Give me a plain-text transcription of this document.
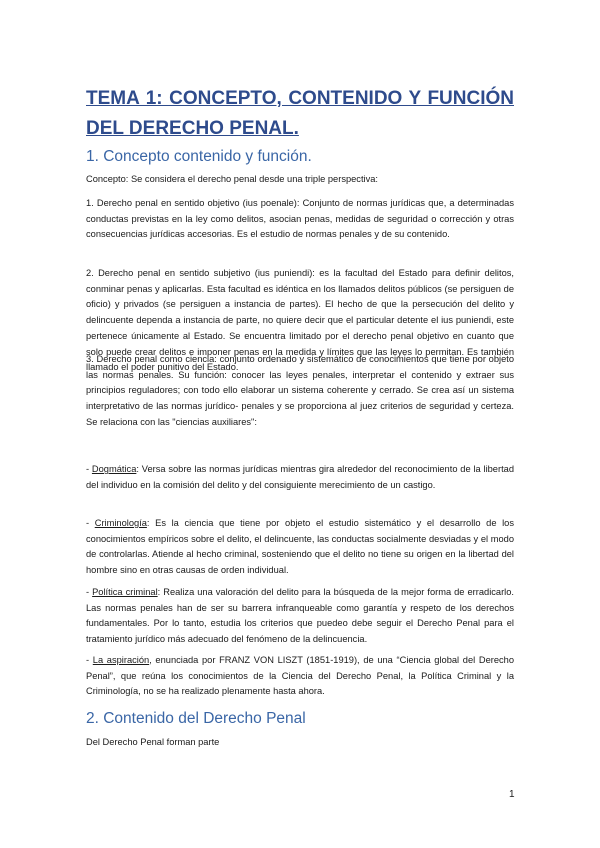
TEMA 1: CONCEPTO, CONTENIDO Y FUNCIÓN DEL DERECHO PENAL.
1. Concepto contenido y función.

Concepto: Se considera el derecho penal desde una triple perspectiva:

1. Derecho penal en sentido objetivo (ius poenale): Conjunto de normas jurídicas que, a determinadas conductas previstas en la ley como delitos, asocian penas, medidas de seguridad o corrección y otras consecuencias jurídicas accesorias. Es el estudio de normas penales y de su contenido.

2. Derecho penal en sentido subjetivo (ius puniendi): es la facultad del Estado para definir delitos, conminar penas y aplicarlas. Esta facultad es idéntica en los llamados delitos públicos (se persiguen de oficio) y privados (se persiguen a instancia de partes). El hecho de que la persecución del delito y delincuente dependa a instancia de parte, no quiere decir que el particular detente el ius puniendi, este pertenece únicamente al Estado. Se encuentra limitado por el derecho penal objetivo en cuanto que solo puede crear delitos e imponer penas en la medida y límites que las leyes lo permitan. Es también llamado el poder punitivo del Estado.

3. Derecho penal como ciencia: conjunto ordenado y sistemático de conocimientos que tiene por objeto las normas penales. Su función: conocer las leyes penales, interpretar el contenido y extraer sus principios reguladores; con todo ello elaborar un sistema coherente y cerrado. Se crea así un sistema interpretativo de las normas jurídico- penales y se proporciona al juez criterios de seguridad y certeza. Se relaciona con las "ciencias auxiliares":

- Dogmática: Versa sobre las normas jurídicas mientras gira alrededor del reconocimiento de la libertad del individuo en la comisión del delito y del consiguiente merecimiento de un castigo.

- Criminología: Es la ciencia que tiene por objeto el estudio sistemático y el desarrollo de los conocimientos empíricos sobre el delito, el delincuente, las conductas socialmente desviadas y el modo de controlarlas. Atiende al hecho criminal, sosteniendo que el delito no tiene su origen en la libertad del hombre sino en otras causas de orden individual.

- Política criminal: Realiza una valoración del delito para la búsqueda de la mejor forma de erradicarlo. Las normas penales han de ser su barrera infranqueable como garantía y respeto de los derechos fundamentales. Por lo tanto, estudia los criterios que puedeo debe seguir el Derecho Penal para el tratamiento jurídico más adecuado del fenómeno de la delincuencia.

- La aspiración, enunciada por FRANZ VON LISZT (1851-1919), de una “Ciencia global del Derecho Penal”, que reúna los conocimientos de la Ciencia del Derecho Penal, la Política Criminal y la Criminología, no se ha realizado plenamente hasta ahora.

2. Contenido del Derecho Penal

Del Derecho Penal forman parte

1
